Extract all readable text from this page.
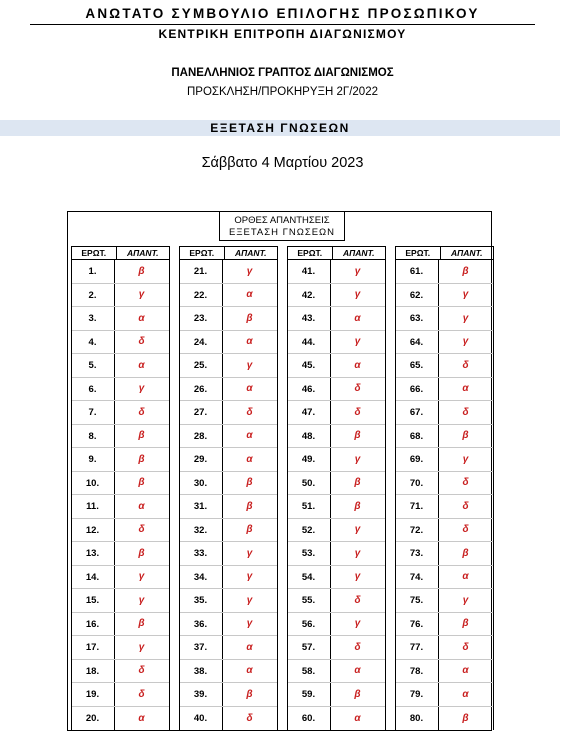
ΑΝΩΤΑΤΟ ΣΥΜΒΟΥΛΙΟ ΕΠΙΛΟΓΗΣ ΠΡΟΣΩΠΙΚΟΥ
ΚΕΝΤΡΙΚΗ ΕΠΙΤΡΟΠΗ ΔΙΑΓΩΝΙΣΜΟΥ
ΠΑΝΕΛΛΗΝΙΟΣ ΓΡΑΠΤΟΣ ΔΙΑΓΩΝΙΣΜΟΣ
ΠΡΟΣΚΛΗΣΗ/ΠΡΟΚΗΡΥΞΗ 2Γ/2022
ΕΞΕΤΑΣΗ ΓΝΩΣΕΩΝ
Σάββατο 4 Μαρτίου 2023
ΟΡΘΕΣ ΑΠΑΝΤΗΣΕΙΣ
ΕΞΕΤΑΣΗ ΓΝΩΣΕΩΝ
ΕΡΩΤ.	ΑΠΑΝΤ.
1.	β
2.	γ
3.	α
4.	δ
5.	α
6.	γ
7.	δ
8.	β
9.	β
10.	β
11.	α
12.	δ
13.	β
14.	γ
15.	γ
16.	β
17.	γ
18.	δ
19.	δ
20.	α
ΕΡΩΤ.	ΑΠΑΝΤ.
21.	γ
22.	α
23.	β
24.	α
25.	γ
26.	α
27.	δ
28.	α
29.	α
30.	β
31.	β
32.	β
33.	γ
34.	γ
35.	γ
36.	γ
37.	α
38.	α
39.	β
40.	δ
ΕΡΩΤ.	ΑΠΑΝΤ.
41.	γ
42.	γ
43.	α
44.	γ
45.	α
46.	δ
47.	δ
48.	β
49.	γ
50.	β
51.	β
52.	γ
53.	γ
54.	γ
55.	δ
56.	γ
57.	δ
58.	α
59.	β
60.	α
ΕΡΩΤ.	ΑΠΑΝΤ.
61.	β
62.	γ
63.	γ
64.	γ
65.	δ
66.	α
67.	δ
68.	β
69.	γ
70.	δ
71.	δ
72.	δ
73.	β
74.	α
75.	γ
76.	β
77.	δ
78.	α
79.	α
80.	β
